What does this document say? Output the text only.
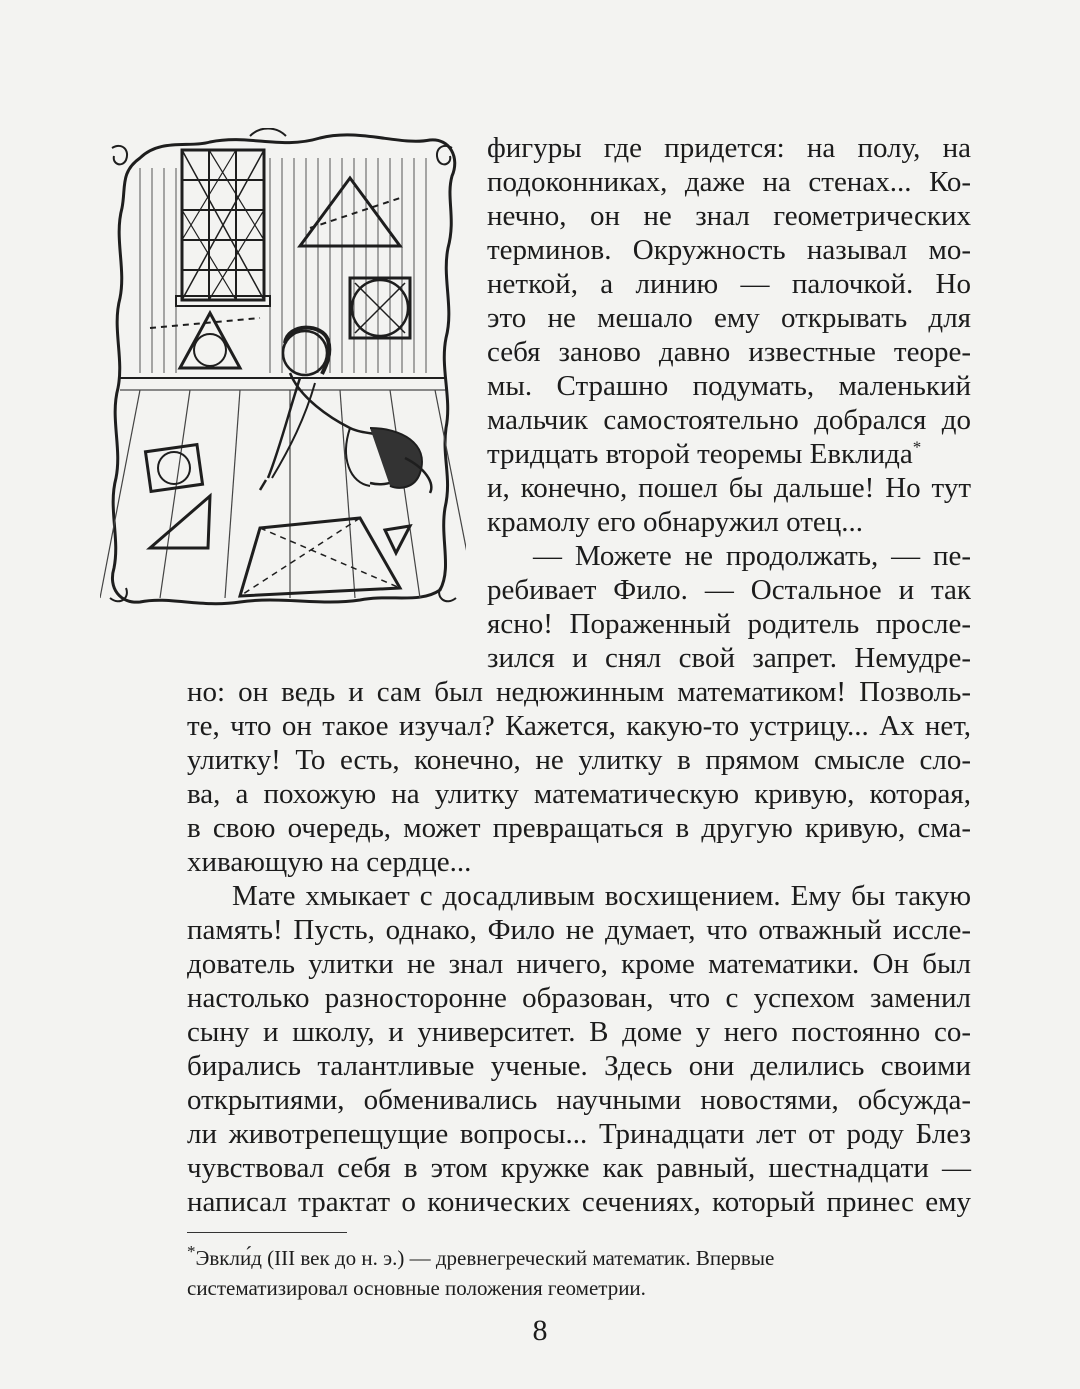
фигуры где придется: на полу, на
подоконниках, даже на стенах... Ко-
нечно, он не знал геометрических
терминов. Окружность называл мо-
неткой, а линию — палочкой. Но
это не мешало ему открывать для
себя заново давно известные теоре-
мы. Страшно подумать, маленький
мальчик самостоятельно добрался до
тридцать второй теоремы Евклида*
и, конечно, пошел бы дальше! Но тут
крамолу его обнаружил отец...
— Можете не продолжать, — пе-
ребивает Фило. — Остальное и так
ясно! Пораженный родитель просле-
зился и снял свой запрет. Немудре-
но: он ведь и сам был недюжинным математиком! Позволь-
те, что он такое изучал? Кажется, какую-то устрицу... Ах нет,
улитку! То есть, конечно, не улитку в прямом смысле сло-
ва, а похожую на улитку математическую кривую, которая,
в свою очередь, может превращаться в другую кривую, сма-
хивающую на сердце...
Мате хмыкает с досадливым восхищением. Ему бы такую
память! Пусть, однако, Фило не думает, что отважный иссле-
дователь улитки не знал ничего, кроме математики. Он был
настолько разносторонне образован, что с успехом заменил
сыну и школу, и университет. В доме у него постоянно со-
бирались талантливые ученые. Здесь они делились своими
открытиями, обменивались научными новостями, обсужда-
ли животрепещущие вопросы... Тринадцати лет от роду Блез
чувствовал себя в этом кружке как равный, шестнадцати —
написал трактат о конических сечениях, который принес ему
*Эвкли́д (III век до н. э.) — древнегреческий математик. Впервые
систематизировал основные положения геометрии.
8
